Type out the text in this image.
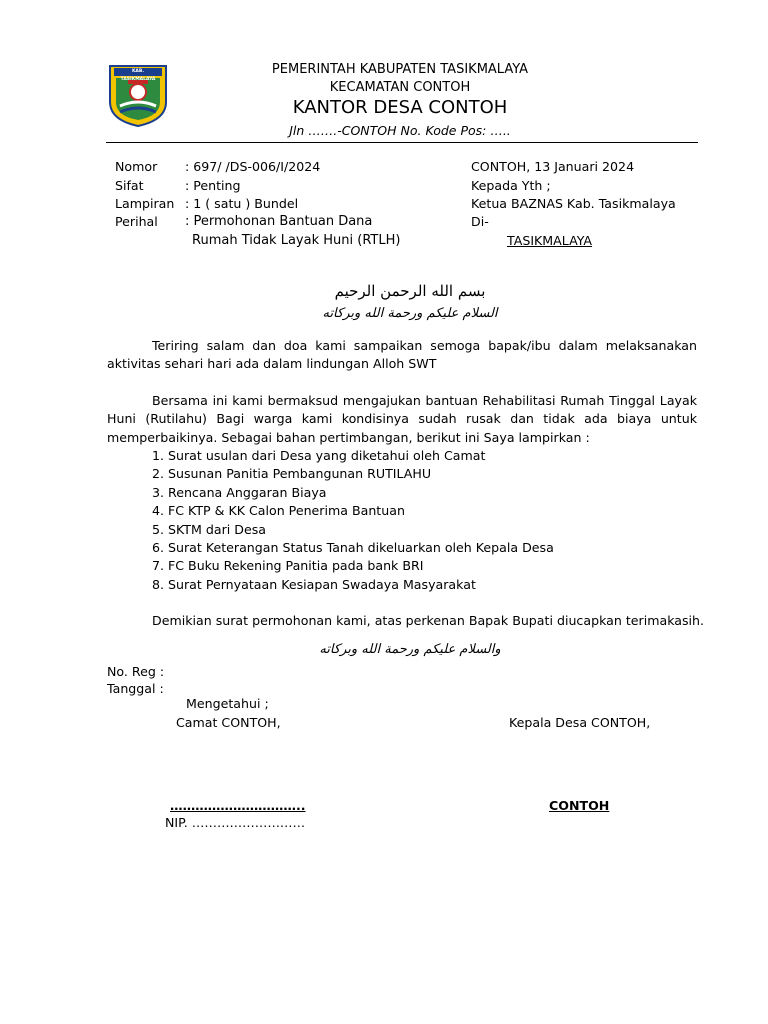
KAB. TASIKMALAYA
PEMERINTAH KABUPATEN TASIKMALAYA
KECAMATAN CONTOH
KANTOR DESA CONTOH
Jln …….-CONTOH No. Kode Pos: …..
Nomor : 697/ /DS-006/I/2024
Sifat	: Penting
Lampiran : 1 ( satu ) Bundel
Perihal : Permohonan Bantuan Dana
Rumah Tidak Layak Huni (RTLH)
CONTOH, 13 Januari 2024
Kepada Yth ;
Ketua BAZNAS Kab. Tasikmalaya
Di-
TASIKMALAYA
بسم الله الرحمن الرحيم
السلام عليكم ورحمة الله وبركاته
Teriring salam dan doa kami sampaikan semoga bapak/ibu dalam melaksanakan aktivitas sehari hari ada dalam lindungan Alloh SWT
Bersama ini kami bermaksud mengajukan bantuan Rehabilitasi Rumah Tinggal Layak Huni (Rutilahu) Bagi warga kami kondisinya sudah rusak dan tidak ada biaya untuk memperbaikinya. Sebagai bahan pertimbangan, berikut ini Saya lampirkan :
1. Surat usulan dari Desa yang diketahui oleh Camat
2. Susunan Panitia Pembangunan RUTILAHU
3. Rencana Anggaran Biaya
4. FC KTP & KK Calon Penerima Bantuan
5. SKTM dari Desa
6. Surat Keterangan Status Tanah dikeluarkan oleh Kepala Desa
7. FC Buku Rekening Panitia pada bank BRI
8. Surat Pernyataan Kesiapan Swadaya Masyarakat
Demikian surat permohonan kami, atas perkenan Bapak Bupati diucapkan terimakasih.
والسلام عليكم ورحمة الله وبركاته
No. Reg :
Tanggal :
Mengetahui ;
Camat CONTOH,	Kepala Desa CONTOH,
…………………………..
NIP. ………………………
CONTOH
